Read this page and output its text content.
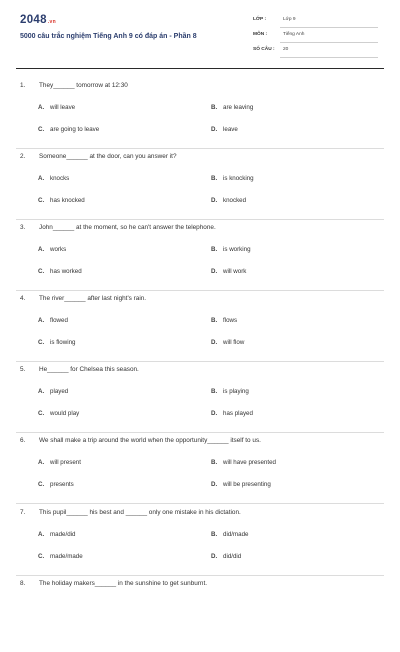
2048.vn
5000 câu trắc nghiệm Tiếng Anh 9 có đáp án - Phần 8
LỚP :	Lớp 9
MÔN :	Tiếng Anh
SỐ CÂU : 20
1. They______ tomorrow at 12:30
A. will leave	B. are leaving
C. are going to leave	D. leave
2. Someone______ at the door, can you answer it?
A. knocks	B. is knocking
C. has knocked	D. knocked
3. John______ at the moment, so he can't answer the telephone.
A. works	B. is working
C. has worked	D. will work
4. The river______ after last night's rain.
A. flowed	B. flows
C. is flowing	D. will flow
5. He______ for Chelsea this season.
A. played	B. is playing
C. would play	D. has played
6. We shall make a trip around the world when the opportunity______ itself to us.
A. will present	B. will have presented
C. presents	D. will be presenting
7. This pupil______ his best and ______ only one mistake in his dictation.
A. made/did	B. did/made
C. made/made	D. did/did
8. The holiday makers______ in the sunshine to get sunburnt.
